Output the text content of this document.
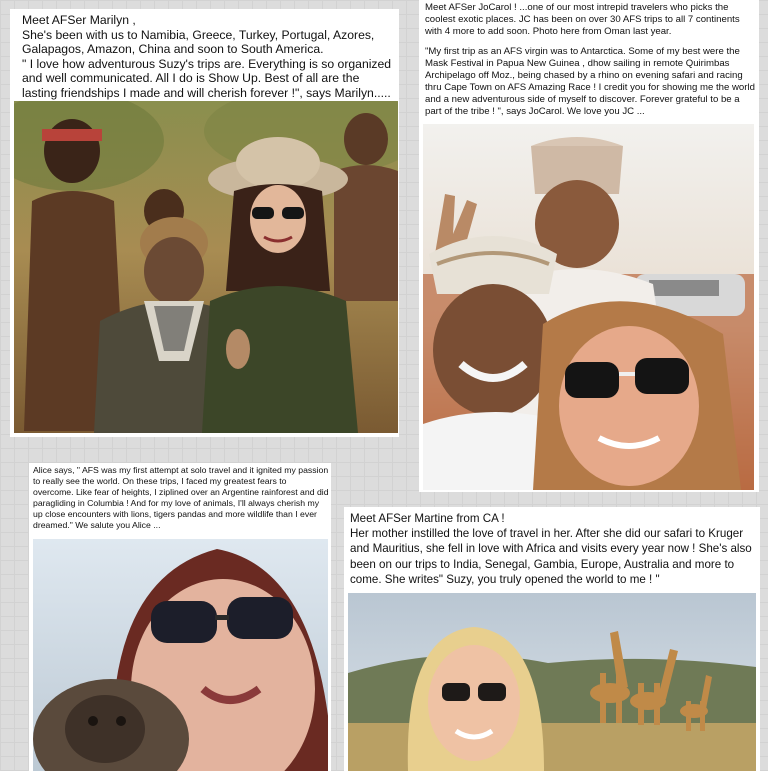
Meet AFSer Marilyn ,

She's been with us to Namibia, Greece, Turkey, Portugal, Azores, Galapagos, Amazon, China and soon to South America.

" I love how adventurous Suzy's trips are. Everything is so organized and well communicated. All I do is Show Up. Best of all are the lasting friendships I made and will cherish forever !", says Marilyn.....

Meet AFSer JoCarol ! ...one of our most intrepid travelers who picks the coolest exotic places. JC has been on over 30 AFS trips to all 7 continents with 4 more to add soon. Photo here from Oman last year.

"My first trip as an AFS virgin was to Antarctica. Some of my best were the Mask Festival in Papua New Guinea , dhow sailing in remote Quirimbas Archipelago off Moz., being chased by a rhino on evening safari and racing thru Cape Town on AFS Amazing Race ! I credit you for showing me the world and a new adventurous side of myself to discover. Forever grateful to be a part of the tribe ! ", says JoCarol. We love you JC ...

Alice says, " AFS was my first attempt at solo travel and it ignited my passion to really see the world. On these trips, I faced my greatest fears to overcome. Like fear of heights, I ziplined over an Argentine rainforest and did paragliding in Columbia ! And for my love of animals, I'll always cherish my up close encounters with lions, tigers pandas and more wildlife than I ever dreamed." We salute you Alice ...	Meet AFSer Martine from CA !

Her mother instilled the love of travel in her. After she did our safari to Kruger and Mauritius, she fell in love with Africa and visits every year now ! She's also been on our trips to India, Senegal, Gambia, Europe, Australia and more to come. She writes" Suzy, you truly opened the world to me ! "
